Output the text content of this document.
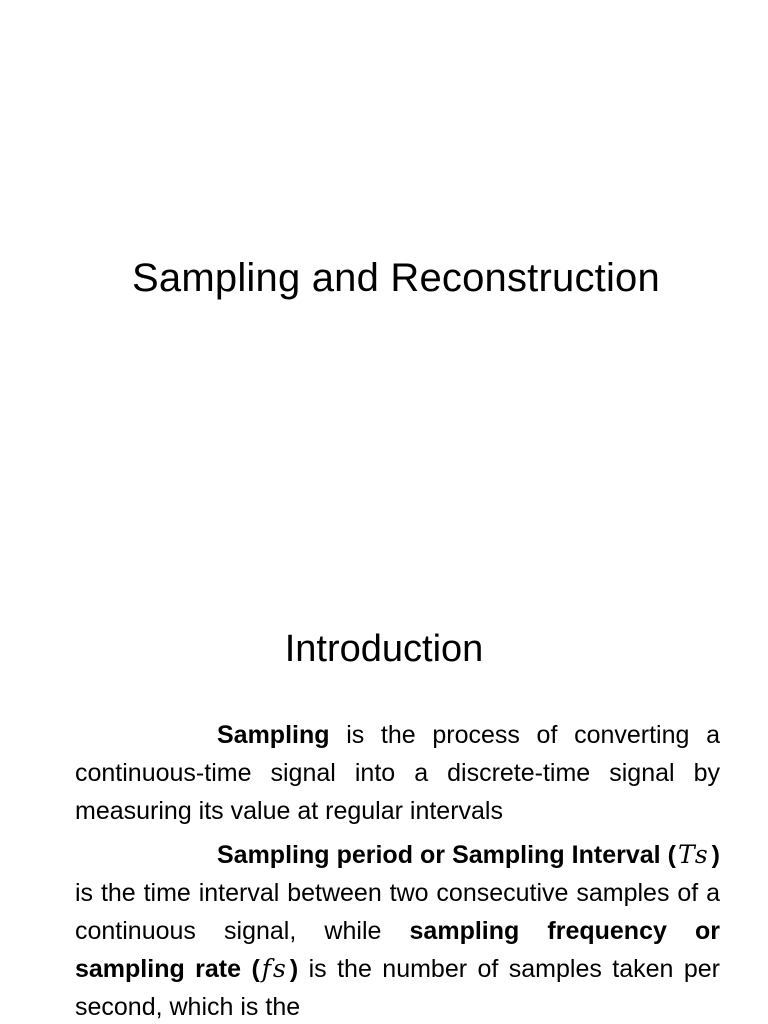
Sampling and Reconstruction
Introduction

Sampling is the process of converting a continuous-time signal into a discrete-time signal by measuring its value at regular intervals

Sampling period or Sampling Interval (Ts) is the time interval between two consecutive samples of a continuous signal, while sampling frequency or sampling rate (fs) is the number of samples taken per second, which is the
